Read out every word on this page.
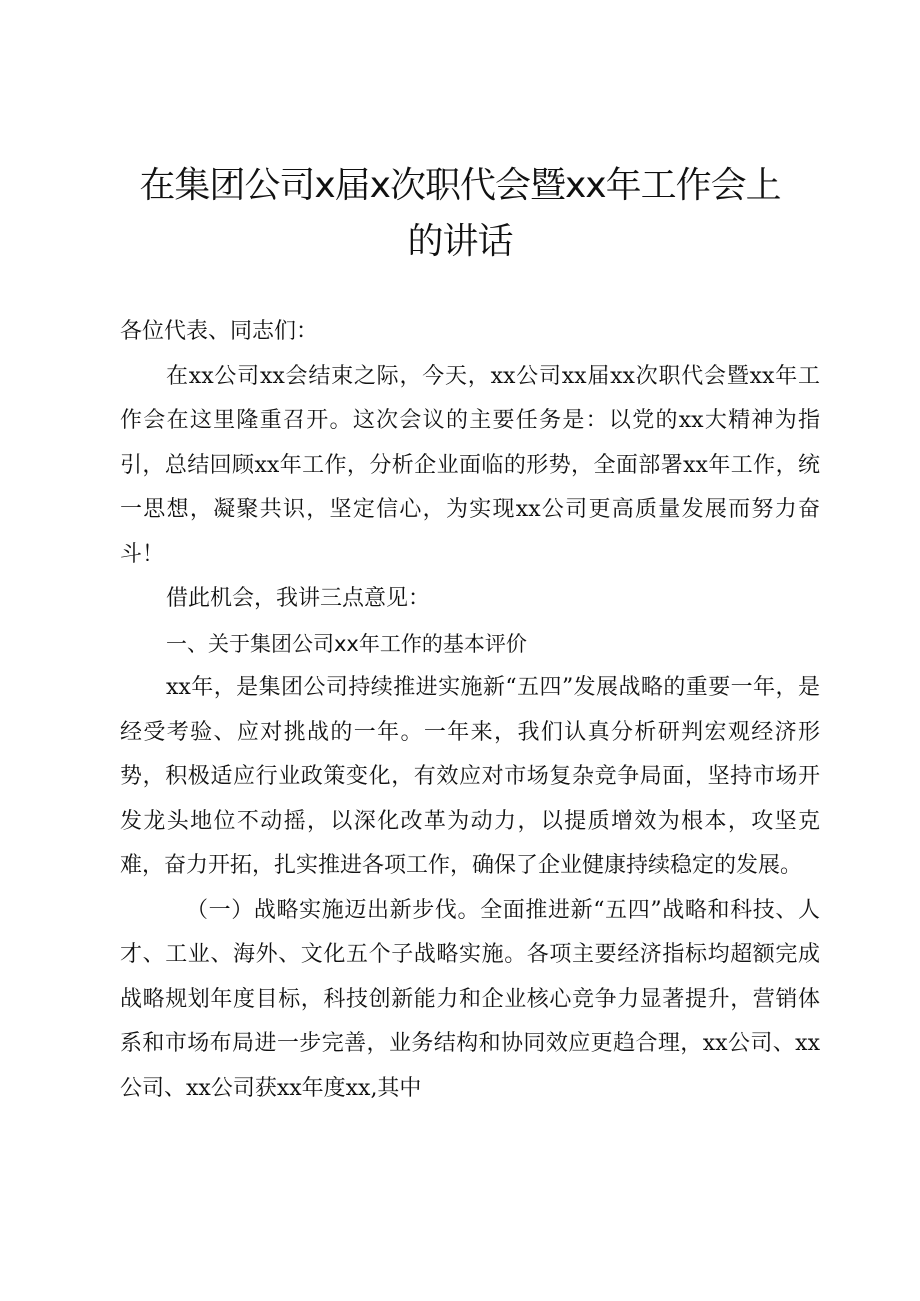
在集团公司x届x次职代会暨xx年工作会上
的讲话

各位代表、同志们：

在xx公司xx会结束之际，今天，xx公司xx届xx次职代会暨xx年工作会在这里隆重召开。这次会议的主要任务是：以党的xx大精神为指引，总结回顾xx年工作，分析企业面临的形势，全面部署xx年工作，统一思想，凝聚共识，坚定信心，为实现xx公司更高质量发展而努力奋斗！

借此机会，我讲三点意见：

一、关于集团公司xx年工作的基本评价

xx年，是集团公司持续推进实施新“五四”发展战略的重要一年，是经受考验、应对挑战的一年。一年来，我们认真分析研判宏观经济形势，积极适应行业政策变化，有效应对市场复杂竞争局面，坚持市场开发龙头地位不动摇，以深化改革为动力，以提质增效为根本，攻坚克难，奋力开拓，扎实推进各项工作，确保了企业健康持续稳定的发展。

（一）战略实施迈出新步伐。全面推进新“五四”战略和科技、人才、工业、海外、文化五个子战略实施。各项主要经济指标均超额完成战略规划年度目标，科技创新能力和企业核心竞争力显著提升，营销体系和市场布局进一步完善，业务结构和协同效应更趋合理，xx公司、xx公司、xx公司获xx年度xx,其中
